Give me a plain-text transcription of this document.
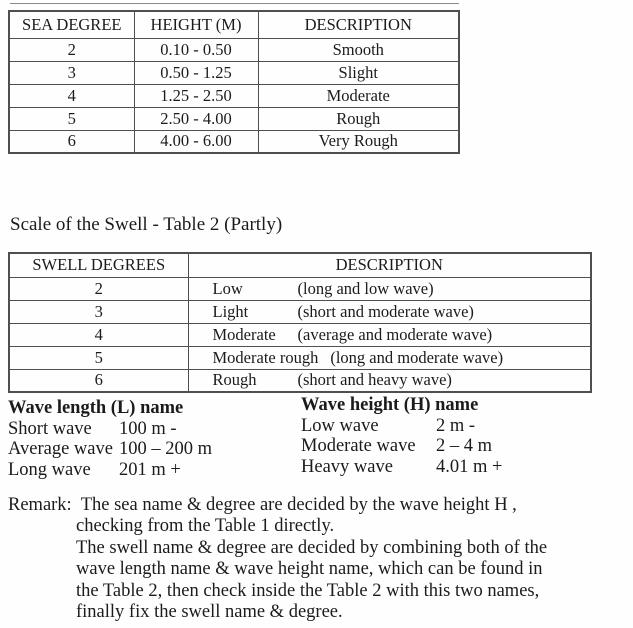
SEA DEGREE	HEIGHT (M)	DESCRIPTION
2	0.10 - 0.50	Smooth
3	0.50 - 1.25	Slight
4	1.25 - 2.50	Moderate
5	2.50 - 4.00	Rough
6	4.00 - 6.00	Very Rough
Scale of the Swell - Table 2 (Partly)
SWELL DEGREES	DESCRIPTION
2	Low (long and low wave)
3	Light (short and moderate wave)
4	Moderate (average and moderate wave)
5	Moderate rough (long and moderate wave)
6	Rough (short and heavy wave)
Wave length (L) name
Short wave 100 m -
Average wave 100 – 200 m
Long wave 201 m +
Wave height (H) name
Low wave	2 m -
Moderate wave 2 – 4 m
Heavy wave 4.01 m +
Remark: The sea name & degree are decided by the wave height H ,
checking from the Table 1 directly.
The swell name & degree are decided by combining both of the
wave length name & wave height name, which can be found in
the Table 2, then check inside the Table 2 with this two names,
finally fix the swell name & degree.
